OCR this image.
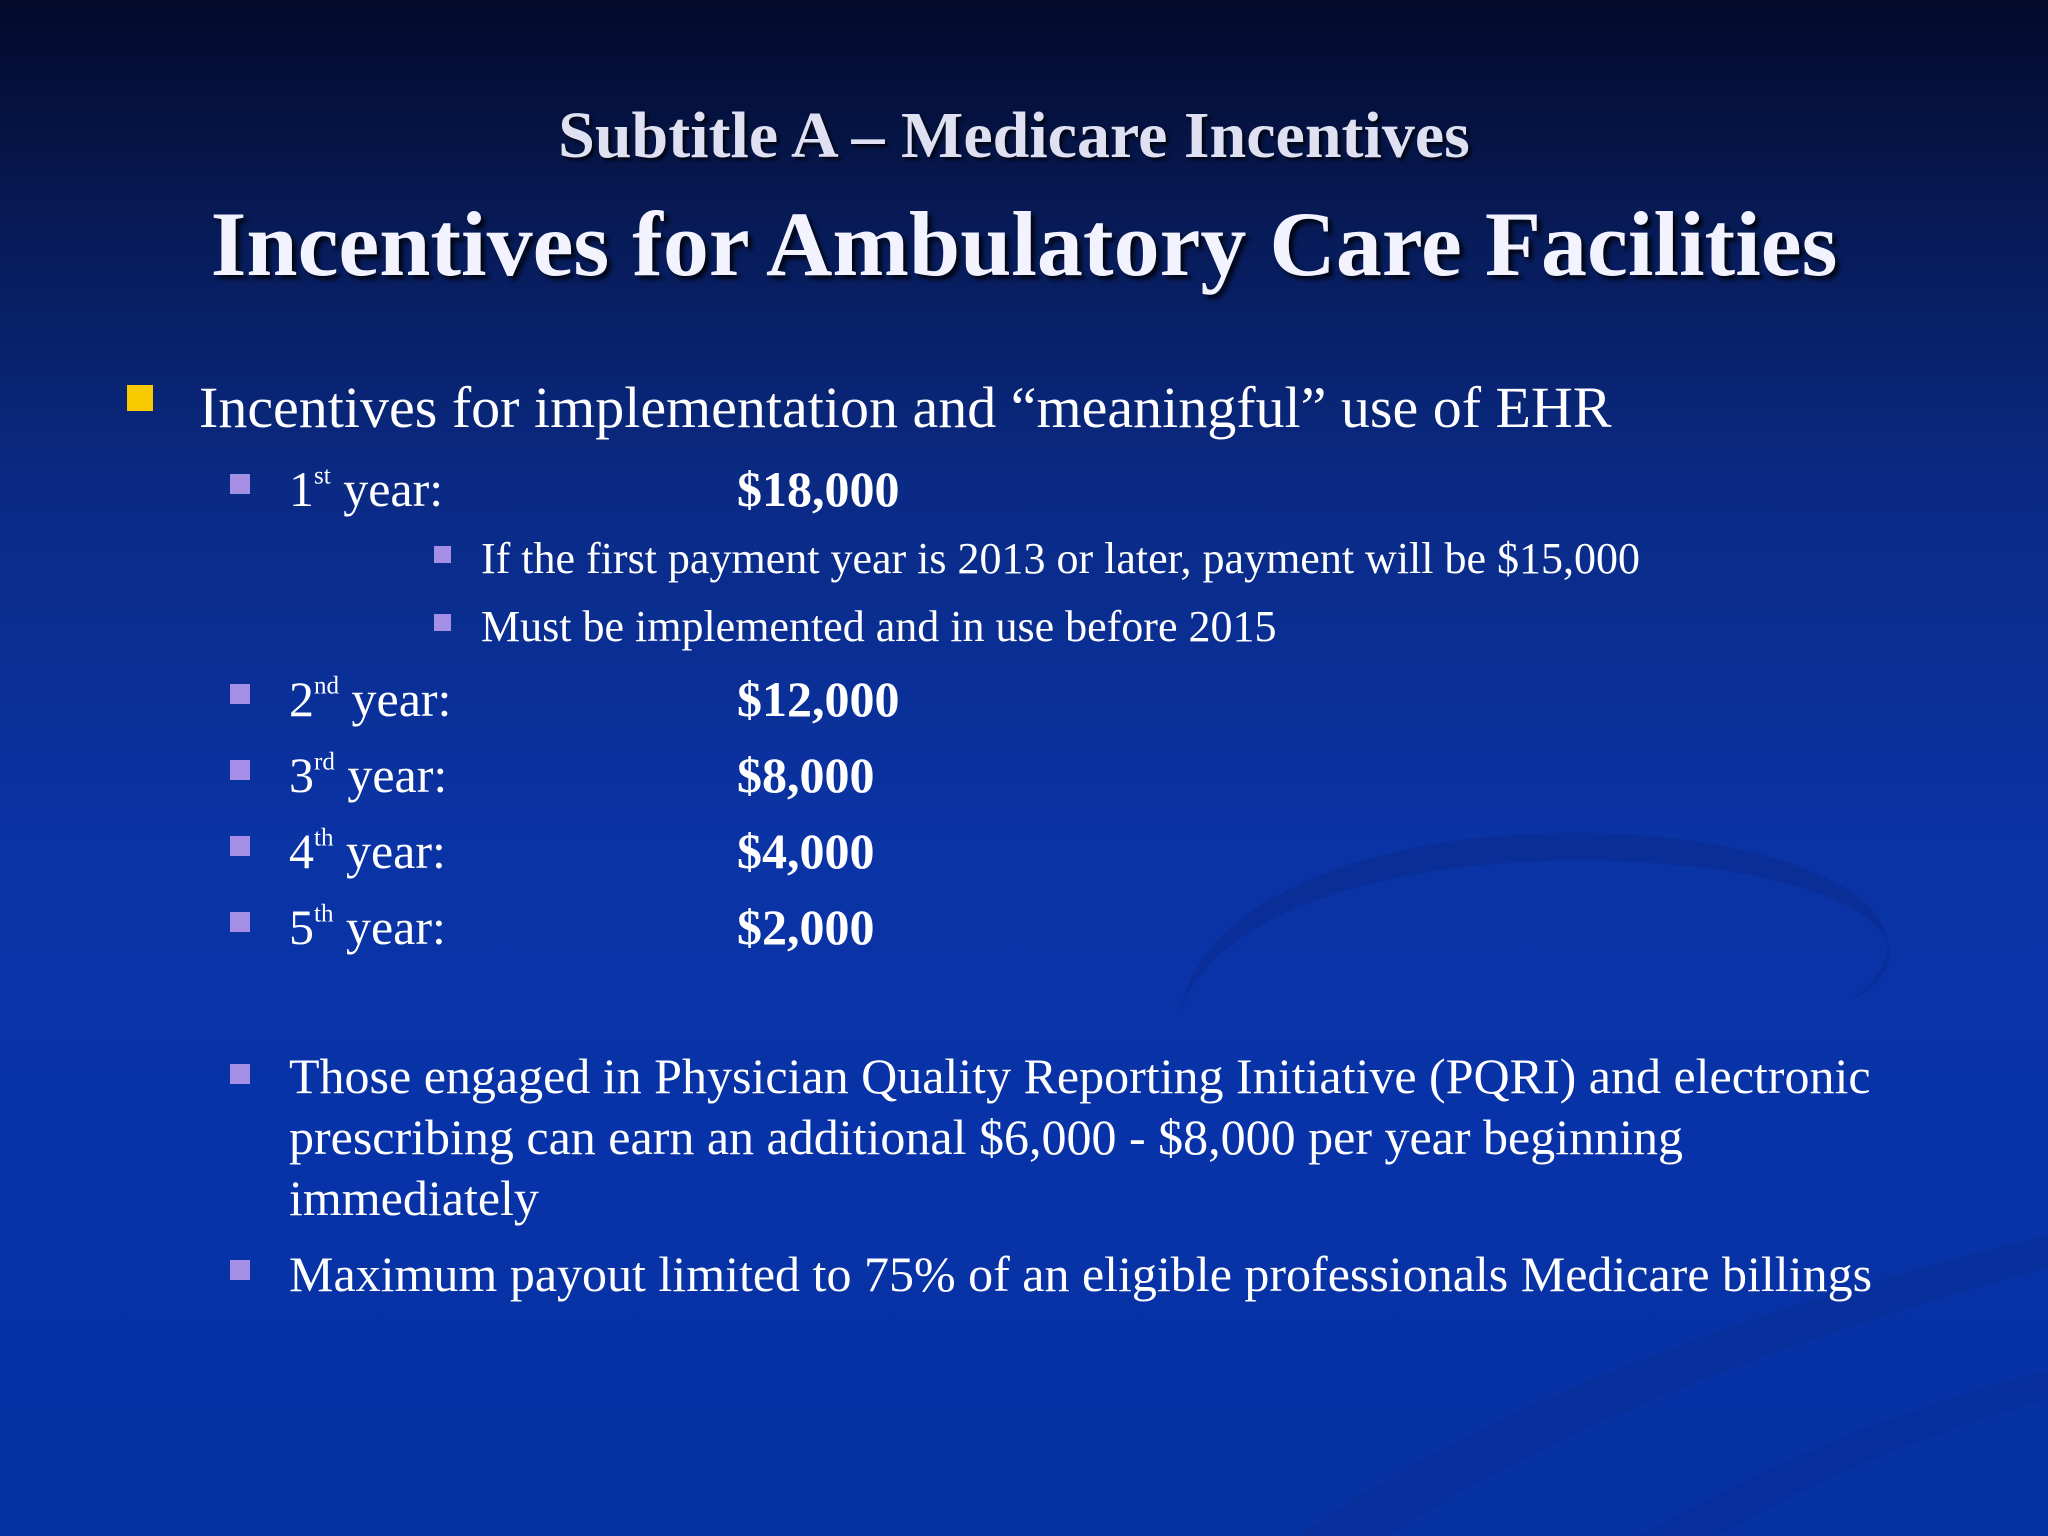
Subtitle A – Medicare Incentives
Incentives for Ambulatory Care Facilities
Incentives for implementation and “meaningful” use of EHR
1st year:	$18,000
If the first payment year is 2013 or later, payment will be $15,000
Must be implemented and in use before 2015
2nd year:	$12,000
3rd year:	$8,000
4th year:	$4,000
5th year:	$2,000
Those engaged in Physician Quality Reporting Initiative (PQRI) and electronic prescribing can earn an additional $6,000 - $8,000 per year beginning immediately
Maximum payout limited to 75% of an eligible professionals Medicare billings
